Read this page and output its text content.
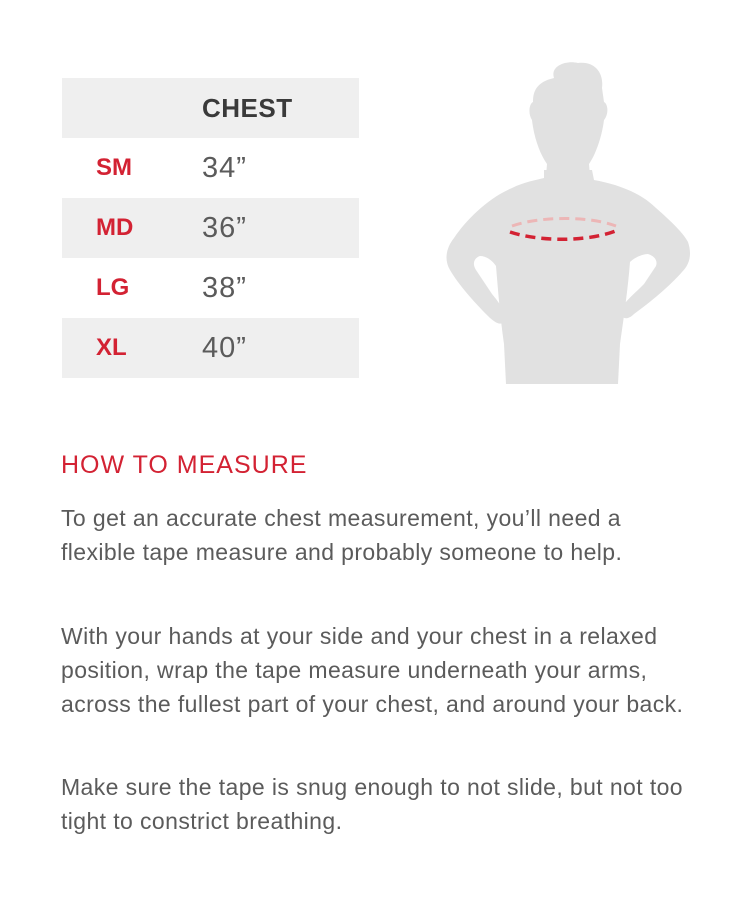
	CHEST
SM	34”
MD	36”
LG	38”
XL	40”
HOW TO MEASURE

To get an accurate chest measurement, you’ll need a flexible tape measure and probably someone to help.

With your hands at your side and your chest in a relaxed position, wrap the tape measure underneath your arms, across the fullest part of your chest, and around your back.

Make sure the tape is snug enough to not slide, but not too tight to constrict breathing.
